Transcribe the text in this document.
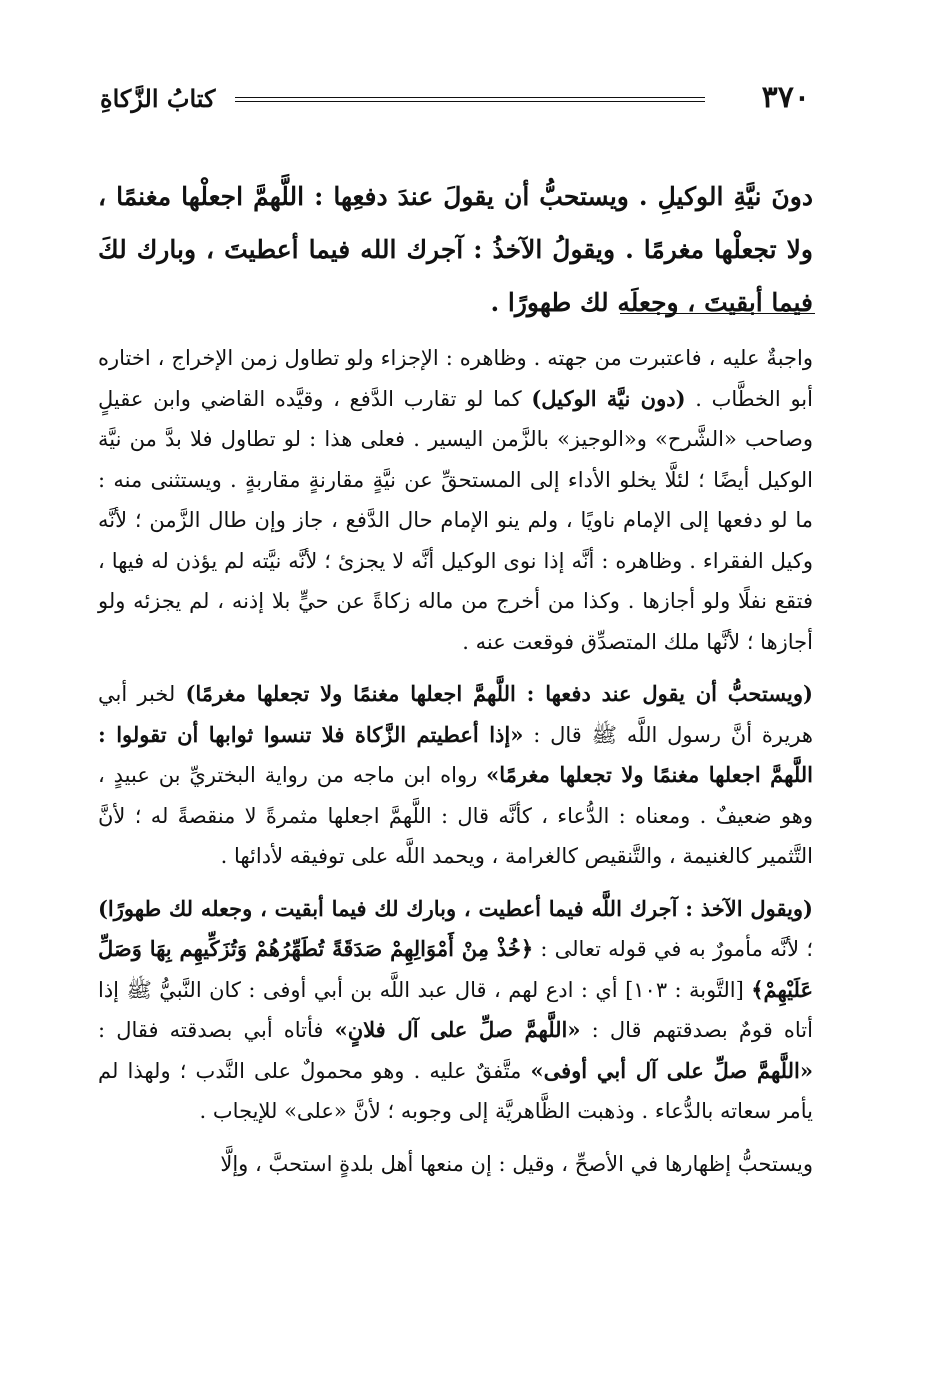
٣٧٠
كتابُ الزَّكاةِ
دونَ نيَّةِ الوكيلِ . ويستحبُّ أن يقولَ عندَ دفعِها : اللَّهمَّ اجعلْها مغنمًا ، ولا تجعلْها مغرمًا . ويقولُ الآخذُ : آجرك الله فيما أعطيتَ ، وبارك لكَ فيما أبقيتَ ، وجعلَه لك طهورًا .

واجبةٌ عليه ، فاعتبرت من جهته . وظاهره : الإجزاء ولو تطاول زمن الإخراج ، اختاره أبو الخطَّاب . (دون نيَّة الوكيل) كما لو تقارب الدَّفع ، وقيَّده القاضي وابن عقيلٍ وصاحب «الشَّرح» و«الوجيز» بالزَّمن اليسير . فعلى هذا : لو تطاول فلا بدَّ من نيَّة الوكيل أيضًا ؛ لئلَّا يخلو الأداء إلى المستحقِّ عن نيَّةٍ مقارنةٍ مقاربةٍ . ويستثنى منه : ما لو دفعها إلى الإمام ناويًا ، ولم ينو الإمام حال الدَّفع ، جاز وإن طال الزَّمن ؛ لأنَّه وكيل الفقراء . وظاهره : أنَّه إذا نوى الوكيل أنَّه لا يجزئ ؛ لأنَّه نيَّته لم يؤذن له فيها ، فتقع نفلًا ولو أجازها . وكذا من أخرج من ماله زكاةً عن حيٍّ بلا إذنه ، لم يجزئه ولو أجازها ؛ لأنَّها ملك المتصدِّق فوقعت عنه .

(ويستحبُّ أن يقول عند دفعها : اللَّهمَّ اجعلها مغنمًا ولا تجعلها مغرمًا) لخبر أبي هريرة أنَّ رسول اللَّه ﷺ قال : «إذا أعطيتم الزَّكاة فلا تنسوا ثوابها أن تقولوا : اللَّهمَّ اجعلها مغنمًا ولا تجعلها مغرمًا» رواه ابن ماجه من رواية البختريِّ بن عبيدٍ ، وهو ضعيفٌ . ومعناه : الدُّعاء ، كأنَّه قال : اللَّهمَّ اجعلها مثمرةً لا منقصةً له ؛ لأنَّ التَّثمير كالغنيمة ، والتَّنقيص كالغرامة ، ويحمد اللَّه على توفيقه لأدائها .

(ويقول الآخذ : آجرك اللَّه فيما أعطيت ، وبارك لك فيما أبقيت ، وجعله لك طهورًا) ؛ لأنَّه مأمورٌ به في قوله تعالى : ﴿خُذْ مِنْ أَمْوَالِهِمْ صَدَقَةً تُطَهِّرُهُمْ وَتُزَكِّيهِم بِهَا وَصَلِّ عَلَيْهِمْ﴾ [التَّوبة : ١٠٣] أي : ادع لهم ، قال عبد اللَّه بن أبي أوفى : كان النَّبيُّ ﷺ إذا أتاه قومٌ بصدقتهم قال : «اللَّهمَّ صلِّ على آل فلانٍ» فأتاه أبي بصدقته فقال : «اللَّهمَّ صلِّ على آل أبي أوفى» متَّفقٌ عليه . وهو محمولٌ على النَّدب ؛ ولهذا لم يأمر سعاته بالدُّعاء . وذهبت الظَّاهريَّة إلى وجوبه ؛ لأنَّ «على» للإيجاب .

ويستحبُّ إظهارها في الأصحِّ ، وقيل : إن منعها أهل بلدةٍ استحبَّ ، وإلَّا
